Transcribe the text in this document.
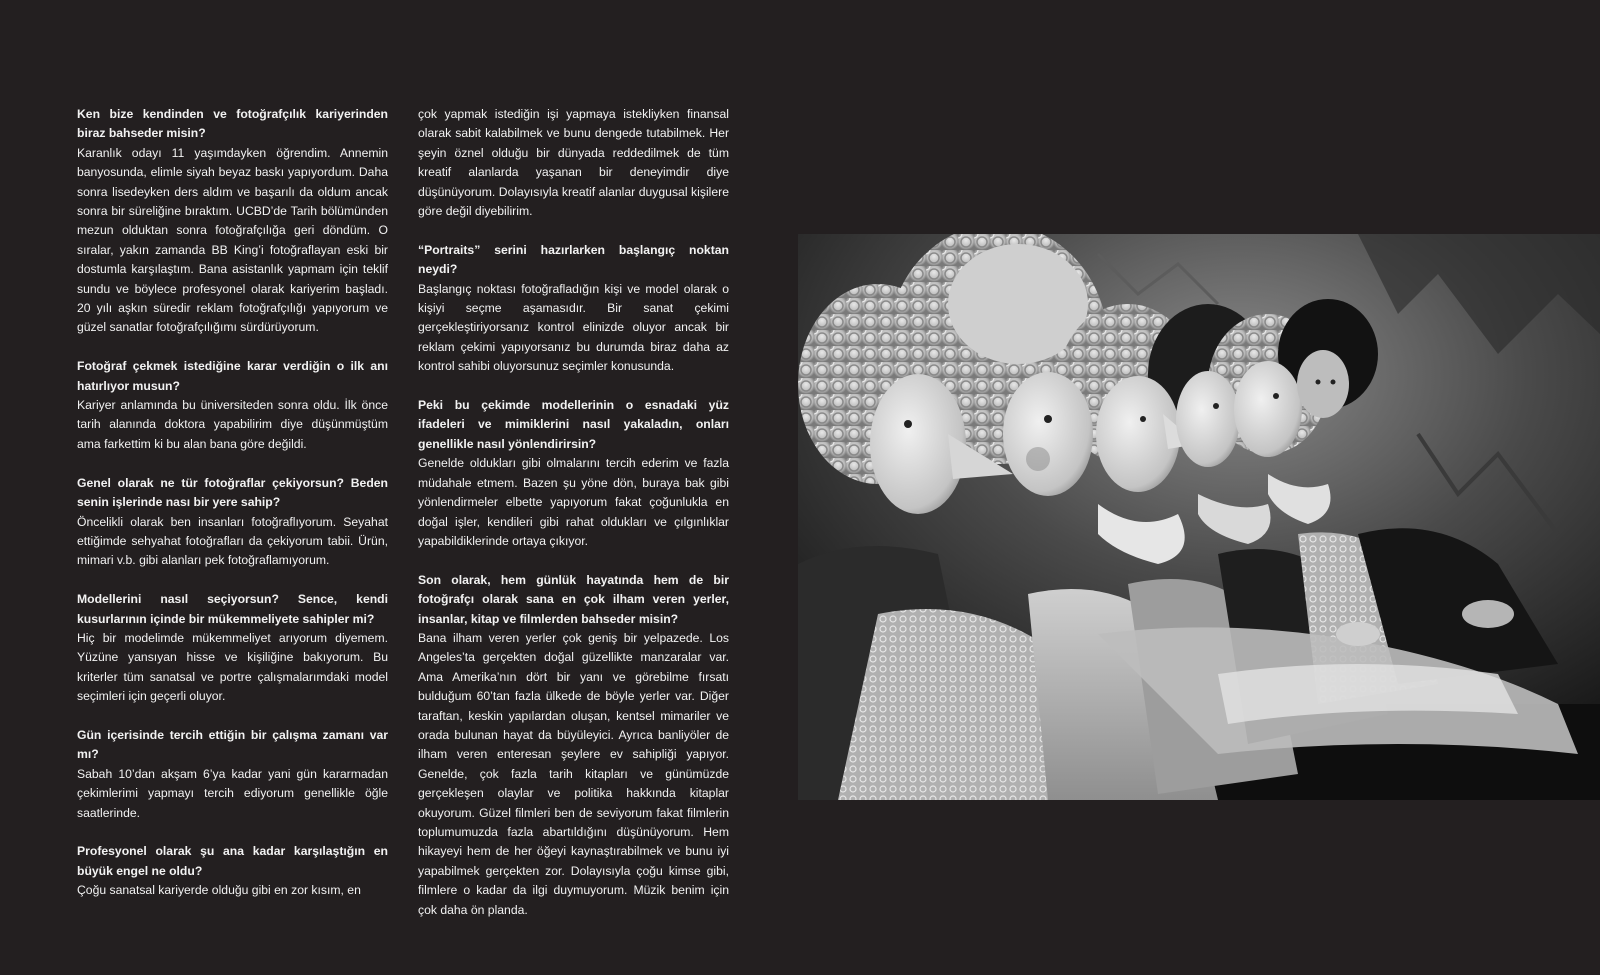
Ken bize kendinden ve fotoğrafçılık kariyerinden biraz bahseder misin?

Karanlık odayı 11 yaşımdayken öğrendim. Annemin banyosunda, elimle siyah beyaz baskı yapıyordum. Daha sonra lisedeyken ders aldım ve başarılı da oldum ancak sonra bir süreliğine bıraktım. UCBD’de Tarih bölümünden mezun olduktan sonra fotoğrafçılığa geri döndüm. O sıralar, yakın zamanda BB King’i fotoğraflayan eski bir dostumla karşılaştım. Bana asistanlık yapmam için teklif sundu ve böylece profesyonel olarak kariyerim başladı. 20 yılı aşkın süredir reklam fotoğrafçılığı yapıyorum ve güzel sanatlar fotoğrafçılığımı sürdürüyorum.

Fotoğraf çekmek istediğine karar verdiğin o ilk anı hatırlıyor musun?

Kariyer anlamında bu üniversiteden sonra oldu. İlk önce tarih alanında doktora yapabilirim diye düşünmüştüm ama farkettim ki bu alan bana göre değildi.

Genel olarak ne tür fotoğraflar çekiyorsun? Beden senin işlerinde nası bir yere sahip?

Öncelikli olarak ben insanları fotoğraflıyorum. Seyahat ettiğimde sehyahat fotoğrafları da çekiyorum tabii. Ürün, mimari v.b. gibi alanları pek fotoğraflamıyorum.

Modellerini nasıl seçiyorsun? Sence, kendi kusurlarının içinde bir mükemmeliyete sahipler mi?

Hiç bir modelimde mükemmeliyet arıyorum diyemem. Yüzüne yansıyan hisse ve kişiliğine bakıyorum. Bu kriterler tüm sanatsal ve portre çalışmalarımdaki model seçimleri için geçerli oluyor.

Gün içerisinde tercih ettiğin bir çalışma zamanı var mı?

Sabah 10’dan akşam 6’ya kadar yani gün kararmadan çekimlerimi yapmayı tercih ediyorum genellikle öğle saatlerinde.

Profesyonel olarak şu ana kadar karşılaştığın en büyük engel ne oldu?

Çoğu sanatsal kariyerde olduğu gibi en zor kısım, en

çok yapmak istediğin işi yapmaya istekliyken finansal olarak sabit kalabilmek ve bunu dengede tutabilmek. Her şeyin öznel olduğu bir dünyada reddedilmek de tüm kreatif alanlarda yaşanan bir deneyimdir diye düşünüyorum. Dolayısıyla kreatif alanlar duygusal kişilere göre değil diyebilirim.

“Portraits” serini hazırlarken başlangıç noktan neydi?

Başlangıç noktası fotoğrafladığın kişi ve model olarak o kişiyi seçme aşamasıdır. Bir sanat çekimi gerçekleştiriyorsanız kontrol elinizde oluyor ancak bir reklam çekimi yapıyorsanız bu durumda biraz daha az kontrol sahibi oluyorsunuz seçimler konusunda.

Peki bu çekimde modellerinin o esnadaki yüz ifadeleri ve mimiklerini nasıl yakaladın, onları genellikle nasıl yönlendirirsin?

Genelde oldukları gibi olmalarını tercih ederim ve fazla müdahale etmem. Bazen şu yöne dön, buraya bak gibi yönlendirmeler elbette yapıyorum fakat çoğunlukla en doğal işler, kendileri gibi rahat oldukları ve çılgınlıklar yapabildiklerinde ortaya çıkıyor.

Son olarak, hem günlük hayatında hem de bir fotoğrafçı olarak sana en çok ilham veren yerler, insanlar, kitap ve filmlerden bahseder misin?

Bana ilham veren yerler çok geniş bir yelpazede. Los Angeles’ta gerçekten doğal güzellikte manzaralar var. Ama Amerika’nın dört bir yanı ve görebilme fırsatı bulduğum 60’tan fazla ülkede de böyle yerler var. Diğer taraftan, keskin yapılardan oluşan, kentsel mimariler ve orada bulunan hayat da büyüleyici. Ayrıca banliyöler de ilham veren enteresan şeylere ev sahipliği yapıyor. Genelde, çok fazla tarih kitapları ve günümüzde gerçekleşen olaylar ve politika hakkında kitaplar okuyorum. Güzel filmleri ben de seviyorum fakat filmlerin toplumumuzda fazla abartıldığını düşünüyorum. Hem hikayeyi hem de her öğeyi kaynaştırabilmek ve bunu iyi yapabilmek gerçekten zor. Dolayısıyla çoğu kimse gibi, filmlere o kadar da ilgi duymuyorum. Müzik benim için çok daha ön planda.
